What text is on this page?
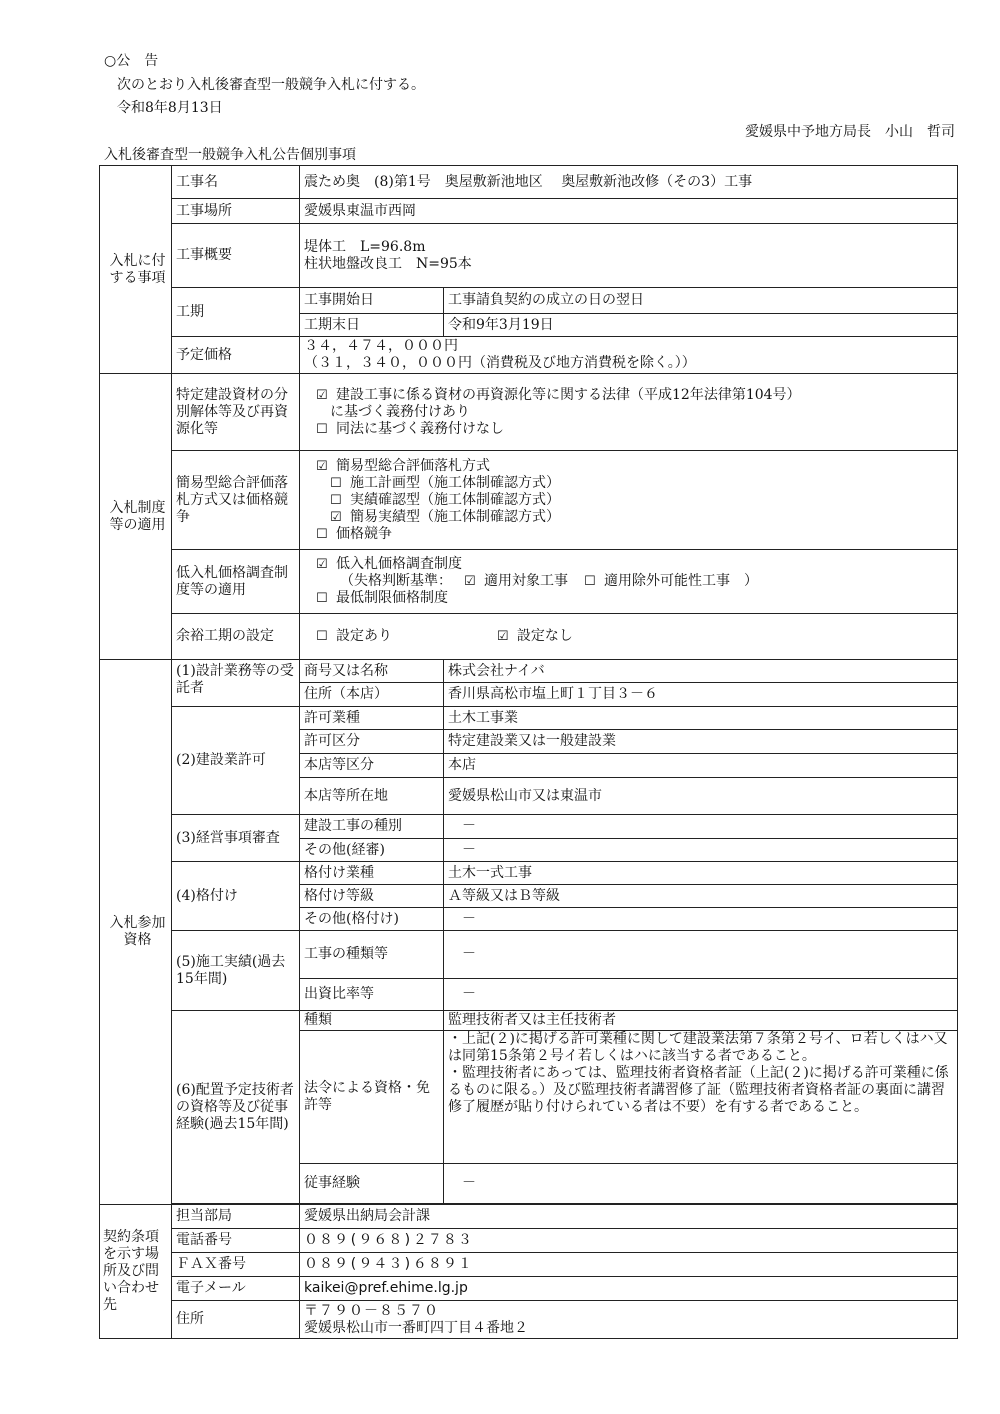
○公　告
次のとおり入札後審査型一般競争入札に付する。
令和8年8月13日
愛媛県中予地方局長　小山　哲司
入札後審査型一般競争入札公告個別事項
入札に付する事項	工事名	震ため奥　(8)第1号　奥屋敷新池地区　 奥屋敷新池改修（その3）工事	
	工事場所	愛媛県東温市西岡	
	工事概要	堤体工　L=96.8m
柱状地盤改良工　N=95本	

	工期	工事開始日	工事請負契約の成立の日の翌日
		工期末日	令和9年3月19日
	予定価格	３４，４７４，０００円
（３１，３４０，０００円（消費税及び地方消費税を除く。））	

入札制度等の適用	特定建設資材の分別解体等及び再資源化等	☑ 建設工事に係る資材の再資源化等に関する法律（平成12年法律第104号）
に基づく義務付けあり
☐ 同法に基づく義務付けなし	

	簡易型総合評価落札方式又は価格競争	☑ 簡易型総合評価落札方式
☐ 施工計画型（施工体制確認方式）
☐ 実績確認型（施工体制確認方式）
☑ 簡易実績型（施工体制確認方式）
☐ 価格競争	

	低入札価格調査制度等の適用	☑ 低入札価格調査制度
（失格判断基準： ☑ 適用対象工事 ☐ 適用除外可能性工事　）
☐ 最低制限価格制度	

	余裕工期の設定	☐ 設定あり ☑ 設定なし	
入札参加資格	(1)設計業務等の受託者	商号又は名称	株式会社ナイバ
		住所（本店）	香川県高松市塩上町１丁目３－６
	(2)建設業許可	許可業種	土木工事業
		許可区分	特定建設業又は一般建設業
		本店等区分	本店
		本店等所在地	愛媛県松山市又は東温市
	(3)経営事項審査	建設工事の種別	－
		その他(経審)	－
	(4)格付け	格付け業種	土木一式工事
		格付け等級	Ａ等級又はＢ等級
		その他(格付け)	－
	(5)施工実績(過去15年間)	工事の種類等	－
		出資比率等	－
	(6)配置予定技術者の資格等及び従事経験(過去15年間)	種類	監理技術者又は主任技術者
		法令による資格・免許等	・上記(２)に掲げる許可業種に関して建設業法第７条第２号イ、ロ若しくはハ又は同第15条第２号イ若しくはハに該当する者であること。
・監理技術者にあっては、監理技術者資格者証（上記(２)に掲げる許可業種に係るものに限る。）及び監理技術者講習修了証（監理技術者資格者証の裏面に講習修了履歴が貼り付けられている者は不要）を有する者であること。

		従事経験	－

契約条項を示す場所及び問い合わせ先	担当部局	愛媛県出納局会計課	
	電話番号	０８９(９６８)２７８３	
	ＦＡＸ番号	０８９(９４３)６８９１	
	電子メール	kaikei@pref.ehime.lg.jp	
	住所	〒７９０－８５７０
愛媛県松山市一番町四丁目４番地２	
